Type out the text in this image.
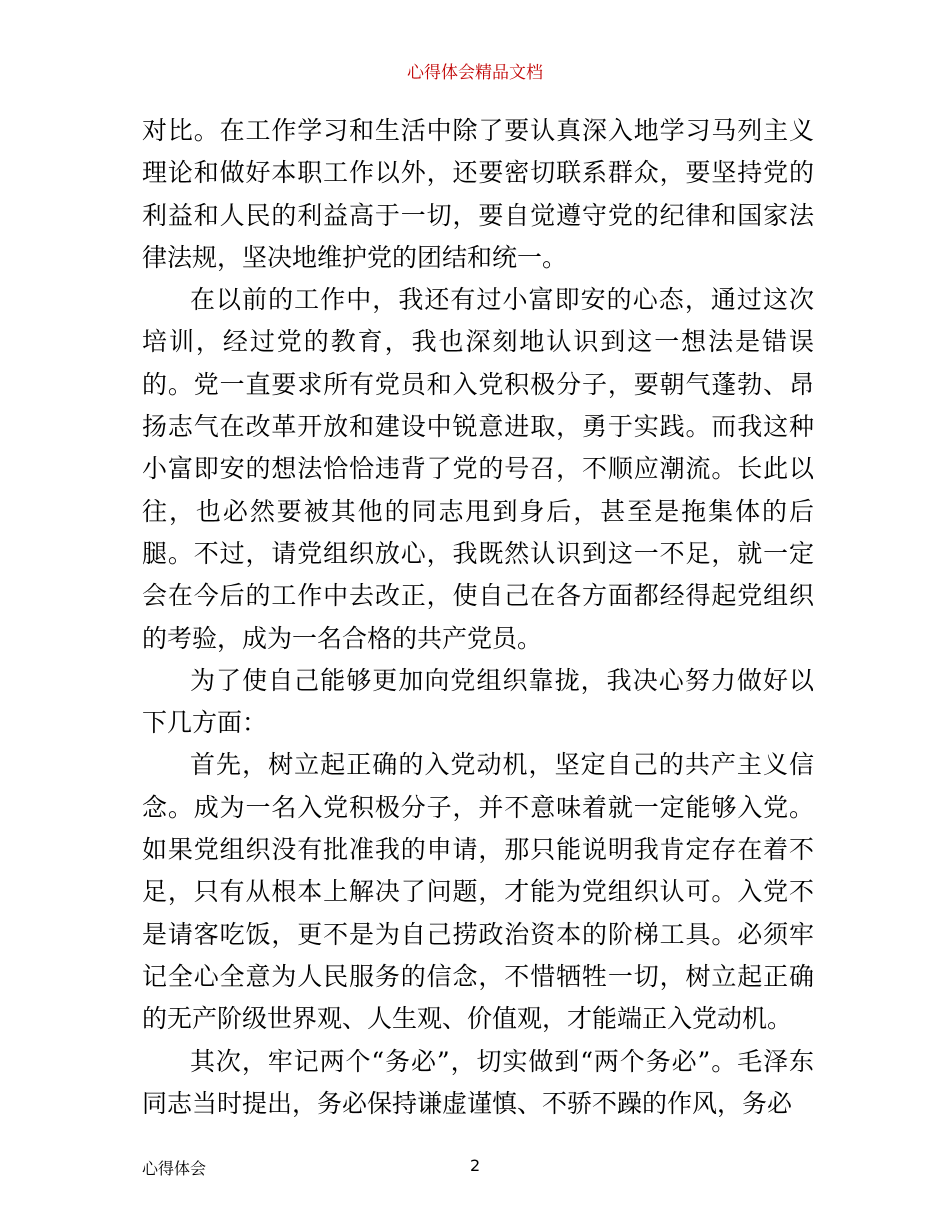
心得体会精品文档

对比。在工作学习和生活中除了要认真深入地学习马列主义理论和做好本职工作以外，还要密切联系群众，要坚持党的利益和人民的利益高于一切，要自觉遵守党的纪律和国家法律法规，坚决地维护党的团结和统一。

在以前的工作中，我还有过小富即安的心态，通过这次培训，经过党的教育，我也深刻地认识到这一想法是错误的。党一直要求所有党员和入党积极分子，要朝气蓬勃、昂扬志气在改革开放和建设中锐意进取，勇于实践。而我这种小富即安的想法恰恰违背了党的号召，不顺应潮流。长此以往，也必然要被其他的同志甩到身后，甚至是拖集体的后腿。不过，请党组织放心，我既然认识到这一不足，就一定会在今后的工作中去改正，使自己在各方面都经得起党组织的考验，成为一名合格的共产党员。

为了使自己能够更加向党组织靠拢，我决心努力做好以下几方面：

首先，树立起正确的入党动机，坚定自己的共产主义信念。成为一名入党积极分子，并不意味着就一定能够入党。如果党组织没有批准我的申请，那只能说明我肯定存在着不足，只有从根本上解决了问题，才能为党组织认可。入党不是请客吃饭，更不是为自己捞政治资本的阶梯工具。必须牢记全心全意为人民服务的信念，不惜牺牲一切，树立起正确的无产阶级世界观、人生观、价值观，才能端正入党动机。

其次，牢记两个“务必”，切实做到“两个务必”。毛泽东同志当时提出，务必保持谦虚谨慎、不骄不躁的作风，务必

心得体会	2
